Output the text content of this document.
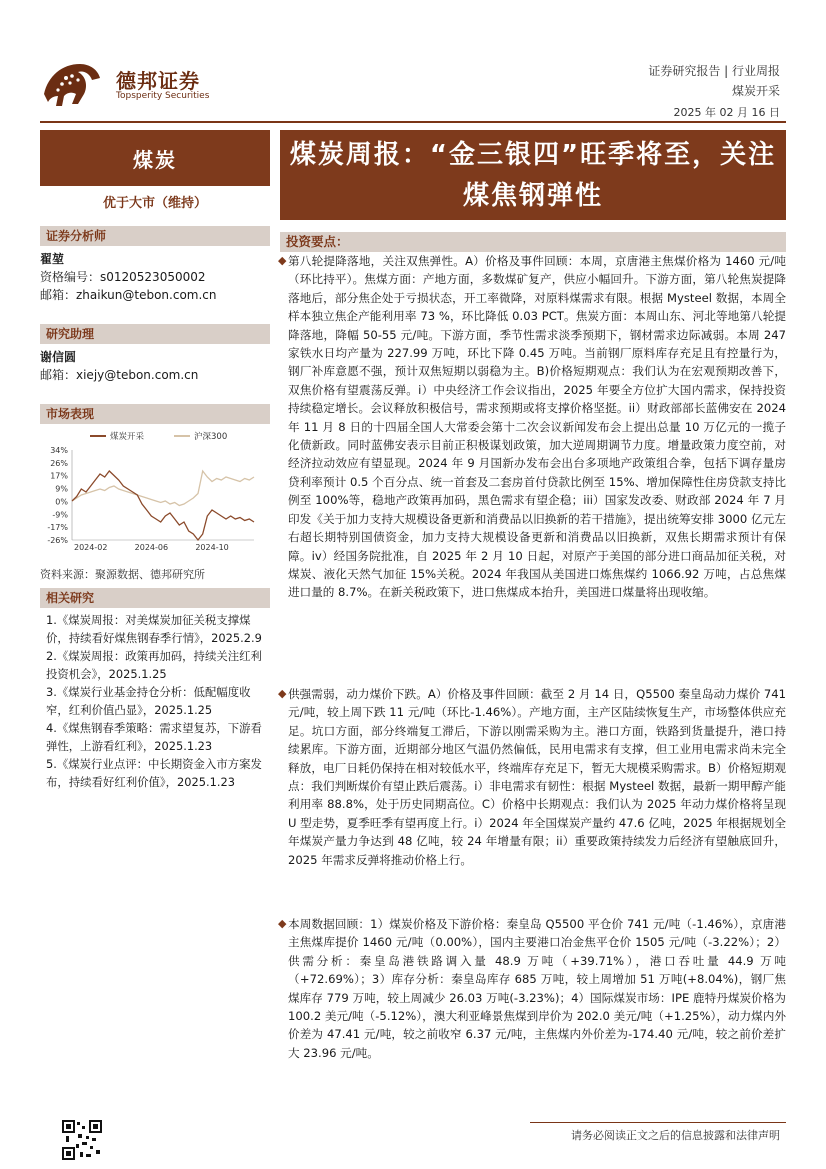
德邦证券
Topsperity Securities
证券研究报告 | 行业周报
煤炭开采
2025 年 02 月 16 日
煤炭
优于大市（维持）
证券分析师
翟堃
资格编号：s0120523050002
邮箱：zhaikun@tebon.com.cn
研究助理
谢信圆
邮箱：xiejy@tebon.com.cn
市场表现
煤炭开采	沪深300
34%
26%
17%
9%
0%
-9%
-17%
-26%
2024-02	2024-06	2024-10
资料来源：聚源数据、德邦研究所
相关研究
1.《煤炭周报：对美煤炭加征关税支撑煤价，持续看好煤焦钢春季行情》，2025.2.9
2.《煤炭周报：政策再加码，持续关注红利投资机会》，2025.1.25
3.《煤炭行业基金持仓分析：低配幅度收窄，红利价值凸显》，2025.1.25
4.《煤焦钢春季策略：需求望复苏，下游看弹性，上游看红利》，2025.1.23
5.《煤炭行业点评：中长期资金入市方案发布，持续看好红利价值》，2025.1.23
煤炭周报：“金三银四”旺季将至，关注煤焦钢弹性
投资要点：
◆ 第八轮提降落地，关注双焦弹性。A）价格及事件回顾：本周，京唐港主焦煤价格为 1460 元/吨（环比持平）。焦煤方面：产地方面，多数煤矿复产，供应小幅回升。下游方面，第八轮焦炭提降落地后，部分焦企处于亏损状态，开工率微降，对原料煤需求有限。根据 Mysteel 数据，本周全样本独立焦企产能利用率 73 %，环比降低 0.03 PCT。焦炭方面：本周山东、河北等地第八轮提降落地，降幅 50-55 元/吨。下游方面，季节性需求淡季预期下，钢材需求边际减弱。本周 247 家铁水日均产量为 227.99 万吨，环比下降 0.45 万吨。当前钢厂原料库存充足且有控量行为，钢厂补库意愿不强，预计双焦短期以弱稳为主。B)价格短期观点：我们认为在宏观预期改善下，双焦价格有望震荡反弹。i）中央经济工作会议指出，2025 年要全方位扩大国内需求，保持投资持续稳定增长。会议释放积极信号，需求预期或将支撑价格坚挺。ii）财政部部长蓝佛安在 2024 年 11 月 8 日的十四届全国人大常委会第十二次会议新闻发布会上提出总量 10 万亿元的一揽子化债新政。同时蓝佛安表示目前正积极谋划政策，加大逆周期调节力度。增量政策力度空前，对经济拉动效应有望显现。2024 年 9 月国新办发布会出台多项地产政策组合拳，包括下调存量房贷利率预计 0.5 个百分点、统一首套及二套房首付贷款比例至 15%、增加保障性住房贷款支持比例至 100%等，稳地产政策再加码，黑色需求有望企稳；iii）国家发改委、财政部 2024 年 7 月印发《关于加力支持大规模设备更新和消费品以旧换新的若干措施》，提出统筹安排 3000 亿元左右超长期特别国债资金，加力支持大规模设备更新和消费品以旧换新，双焦长期需求预计有保障。iv）经国务院批准，自 2025 年 2 月 10 日起，对原产于美国的部分进口商品加征关税，对煤炭、液化天然气加征 15%关税。2024 年我国从美国进口炼焦煤约 1066.92 万吨，占总焦煤进口量的 8.7%。在新关税政策下，进口焦煤成本抬升，美国进口煤量将出现收缩。
◆ 供强需弱，动力煤价下跌。A）价格及事件回顾：截至 2 月 14 日，Q5500 秦皇岛动力煤价 741 元/吨，较上周下跌 11 元/吨（环比-1.46%）。产地方面，主产区陆续恢复生产，市场整体供应充足。坑口方面，部分终端复工滞后，下游以刚需采购为主。港口方面，铁路到货量提升，港口持续累库。下游方面，近期部分地区气温仍然偏低，民用电需求有支撑，但工业用电需求尚未完全释放，电厂日耗仍保持在相对较低水平，终端库存充足下，暂无大规模采购需求。B）价格短期观点：我们判断煤价有望止跌后震荡。i）非电需求有韧性：根据 Mysteel 数据，最新一期甲醇产能利用率 88.8%，处于历史同期高位。C）价格中长期观点：我们认为 2025 年动力煤价格将呈现 U 型走势，夏季旺季有望再度上行。i）2024 年全国煤炭产量约 47.6 亿吨，2025 年根据规划全年煤炭产量力争达到 48 亿吨，较 24 年增量有限；ii）重要政策持续发力后经济有望触底回升，2025 年需求反弹将推动价格上行。
◆ 本周数据回顾：1）煤炭价格及下游价格：秦皇岛 Q5500 平仓价 741 元/吨（-1.46%），京唐港主焦煤库提价 1460 元/吨（0.00%），国内主要港口冶金焦平仓价 1505 元/吨（-3.22%）；2）供需分析：秦皇岛港铁路调入量 48.9 万吨（+39.71%），港口吞吐量 44.9 万吨（+72.69%）；3）库存分析：秦皇岛库存 685 万吨，较上周增加 51 万吨(+8.04%)，钢厂焦煤库存 779 万吨，较上周减少 26.03 万吨(-3.23%)；4）国际煤炭市场：IPE 鹿特丹煤炭价格为 100.2 美元/吨（-5.12%），澳大利亚峰景焦煤到岸价为 202.0 美元/吨（+1.25%），动力煤内外价差为 47.41 元/吨，较之前收窄 6.37 元/吨，主焦煤内外价差为-174.40 元/吨，较之前价差扩大 23.96 元/吨。
请务必阅读正文之后的信息披露和法律声明
